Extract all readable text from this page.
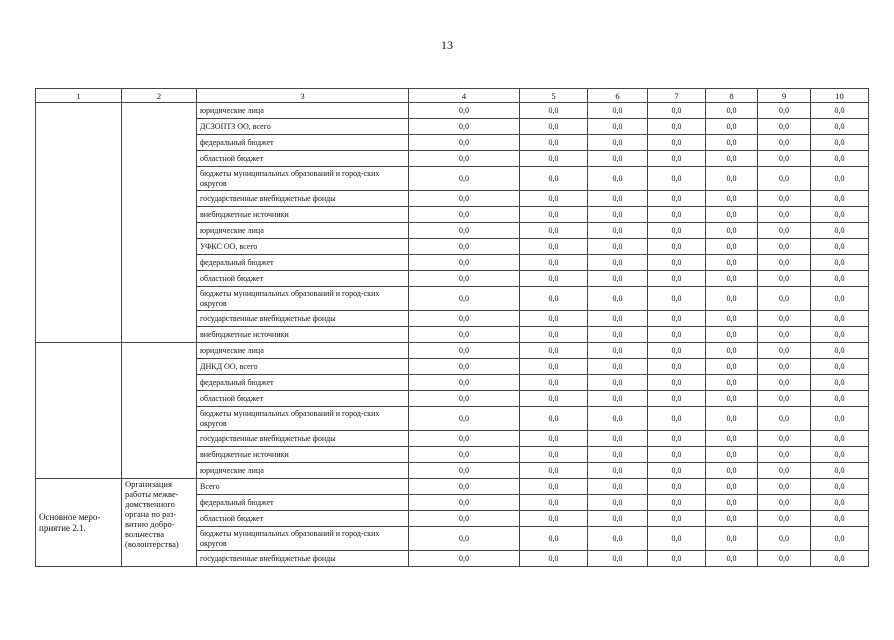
13
1	2	3	4	5	6	7	8	9	10
		юридические лица	0,0	0,0	0,0	0,0	0,0	0,0	0,0
		ДСЗОПТЗ ОО, всего	0,0	0,0	0,0	0,0	0,0	0,0	0,0
		федеральный бюджет	0,0	0,0	0,0	0,0	0,0	0,0	0,0
		областной бюджет	0,0	0,0	0,0	0,0	0,0	0,0	0,0
		бюджеты муниципальных образований и город-ских округов	0,0	0,0	0,0	0,0	0,0	0,0	0,0
		государственные внебюджетные фонды	0,0	0,0	0,0	0,0	0,0	0,0	0,0
		внебюджетные источники	0,0	0,0	0,0	0,0	0,0	0,0	0,0
		юридические лица	0,0	0,0	0,0	0,0	0,0	0,0	0,0
		УФКС ОО, всего	0,0	0,0	0,0	0,0	0,0	0,0	0,0
		федеральный бюджет	0,0	0,0	0,0	0,0	0,0	0,0	0,0
		областной бюджет	0,0	0,0	0,0	0,0	0,0	0,0	0,0
		бюджеты муниципальных образований и город-ских округов	0,0	0,0	0,0	0,0	0,0	0,0	0,0
		государственные внебюджетные фонды	0,0	0,0	0,0	0,0	0,0	0,0	0,0
		внебюджетные источники	0,0	0,0	0,0	0,0	0,0	0,0	0,0
		юридические лица	0,0	0,0	0,0	0,0	0,0	0,0	0,0
		ДНКД ОО, всего	0,0	0,0	0,0	0,0	0,0	0,0	0,0
		федеральный бюджет	0,0	0,0	0,0	0,0	0,0	0,0	0,0
		областной бюджет	0,0	0,0	0,0	0,0	0,0	0,0	0,0
		бюджеты муниципальных образований и город-ских округов	0,0	0,0	0,0	0,0	0,0	0,0	0,0
		государственные внебюджетные фонды	0,0	0,0	0,0	0,0	0,0	0,0	0,0
		внебюджетные источники	0,0	0,0	0,0	0,0	0,0	0,0	0,0
		юридические лица	0,0	0,0	0,0	0,0	0,0	0,0	0,0
Основное меро-приятие 2.1.	Организация работы межве-домственного органа по раз-витию добро-вольчества (волонтерства)	Всего	0,0	0,0	0,0	0,0	0,0	0,0	0,0
		федеральный бюджет	0,0	0,0	0,0	0,0	0,0	0,0	0,0
		областной бюджет	0,0	0,0	0,0	0,0	0,0	0,0	0,0
		бюджеты муниципальных образований и город-ских округов	0,0	0,0	0,0	0,0	0,0	0,0	0,0
		государственные внебюджетные фонды	0,0	0,0	0,0	0,0	0,0	0,0	0,0
